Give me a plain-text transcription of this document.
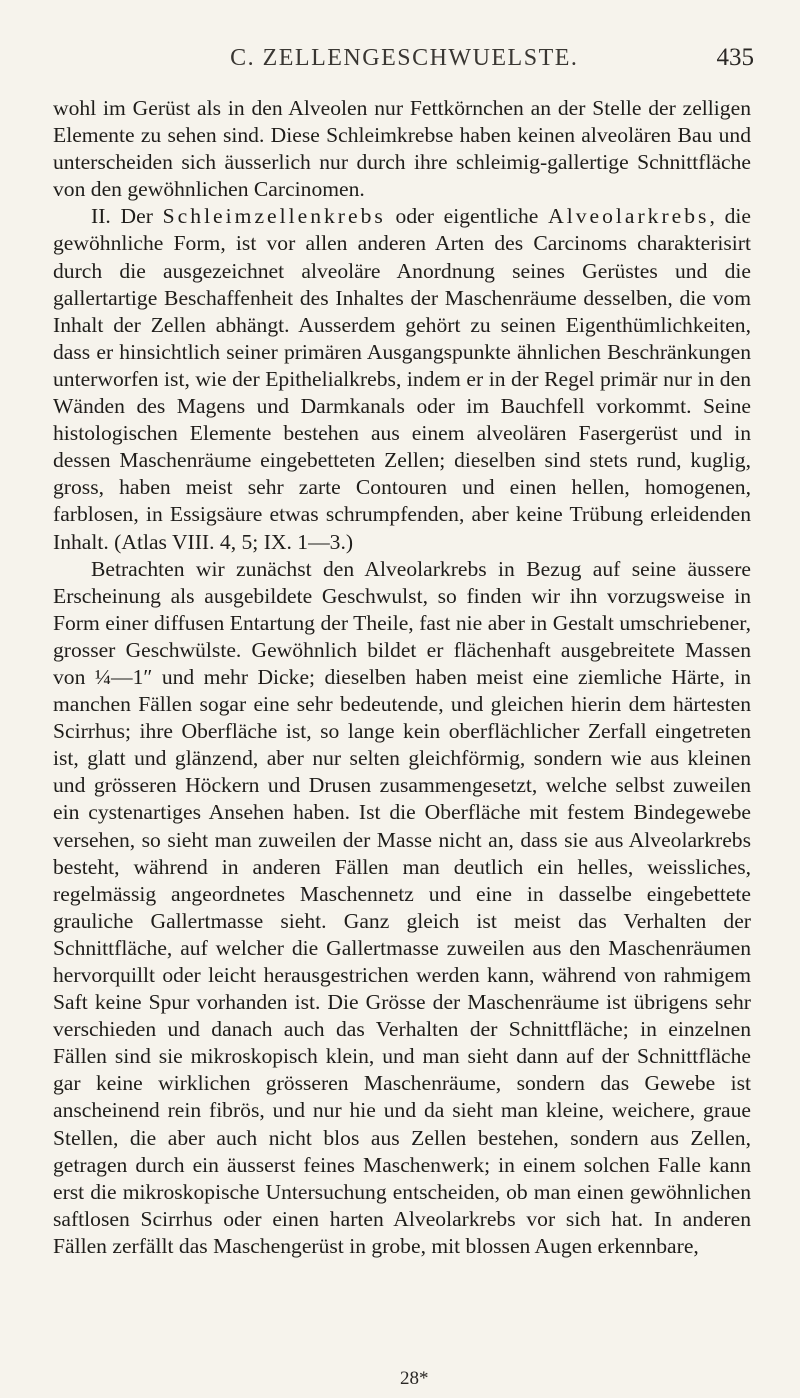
C. ZELLENGESCHWUELSTE.	435

wohl im Gerüst als in den Alveolen nur Fettkörnchen an der Stelle der zelligen Elemente zu sehen sind. Diese Schleimkrebse haben keinen alveolären Bau und unterscheiden sich äusserlich nur durch ihre schleimig-gallertige Schnittfläche von den gewöhnlichen Carcinomen.

II. Der Schleimzellenkrebs oder eigentliche Alveolarkrebs, die gewöhnliche Form, ist vor allen anderen Arten des Carcinoms charakterisirt durch die ausgezeichnet alveoläre Anordnung seines Gerüstes und die gallertartige Beschaffenheit des Inhaltes der Maschenräume desselben, die vom Inhalt der Zellen abhängt. Ausserdem gehört zu seinen Eigenthümlichkeiten, dass er hinsichtlich seiner primären Ausgangspunkte ähnlichen Beschränkungen unterworfen ist, wie der Epithelialkrebs, indem er in der Regel primär nur in den Wänden des Magens und Darmkanals oder im Bauchfell vorkommt. Seine histologischen Elemente bestehen aus einem alveolären Fasergerüst und in dessen Maschenräume eingebetteten Zellen; dieselben sind stets rund, kuglig, gross, haben meist sehr zarte Contouren und einen hellen, homogenen, farblosen, in Essigsäure etwas schrumpfenden, aber keine Trübung erleidenden Inhalt. (Atlas VIII. 4, 5; IX. 1—3.)

Betrachten wir zunächst den Alveolarkrebs in Bezug auf seine äussere Erscheinung als ausgebildete Geschwulst, so finden wir ihn vorzugsweise in Form einer diffusen Entartung der Theile, fast nie aber in Gestalt umschriebener, grosser Geschwülste. Gewöhnlich bildet er flächenhaft ausgebreitete Massen von ¼—1″ und mehr Dicke; dieselben haben meist eine ziemliche Härte, in manchen Fällen sogar eine sehr bedeutende, und gleichen hierin dem härtesten Scirrhus; ihre Oberfläche ist, so lange kein oberflächlicher Zerfall eingetreten ist, glatt und glänzend, aber nur selten gleichförmig, sondern wie aus kleinen und grösseren Höckern und Drusen zusammengesetzt, welche selbst zuweilen ein cystenartiges Ansehen haben. Ist die Oberfläche mit festem Bindegewebe versehen, so sieht man zuweilen der Masse nicht an, dass sie aus Alveolarkrebs besteht, während in anderen Fällen man deutlich ein helles, weissliches, regelmässig angeordnetes Maschennetz und eine in dasselbe eingebettete grauliche Gallertmasse sieht. Ganz gleich ist meist das Verhalten der Schnittfläche, auf welcher die Gallertmasse zuweilen aus den Maschenräumen hervorquillt oder leicht herausgestrichen werden kann, während von rahmigem Saft keine Spur vorhanden ist. Die Grösse der Maschenräume ist übrigens sehr verschieden und danach auch das Verhalten der Schnittfläche; in einzelnen Fällen sind sie mikroskopisch klein, und man sieht dann auf der Schnittfläche gar keine wirklichen grösseren Maschenräume, sondern das Gewebe ist anscheinend rein fibrös, und nur hie und da sieht man kleine, weichere, graue Stellen, die aber auch nicht blos aus Zellen bestehen, sondern aus Zellen, getragen durch ein äusserst feines Maschenwerk; in einem solchen Falle kann erst die mikroskopische Untersuchung entscheiden, ob man einen gewöhnlichen saftlosen Scirrhus oder einen harten Alveolarkrebs vor sich hat. In anderen Fällen zerfällt das Maschengerüst in grobe, mit blossen Augen erkennbare,

28*
